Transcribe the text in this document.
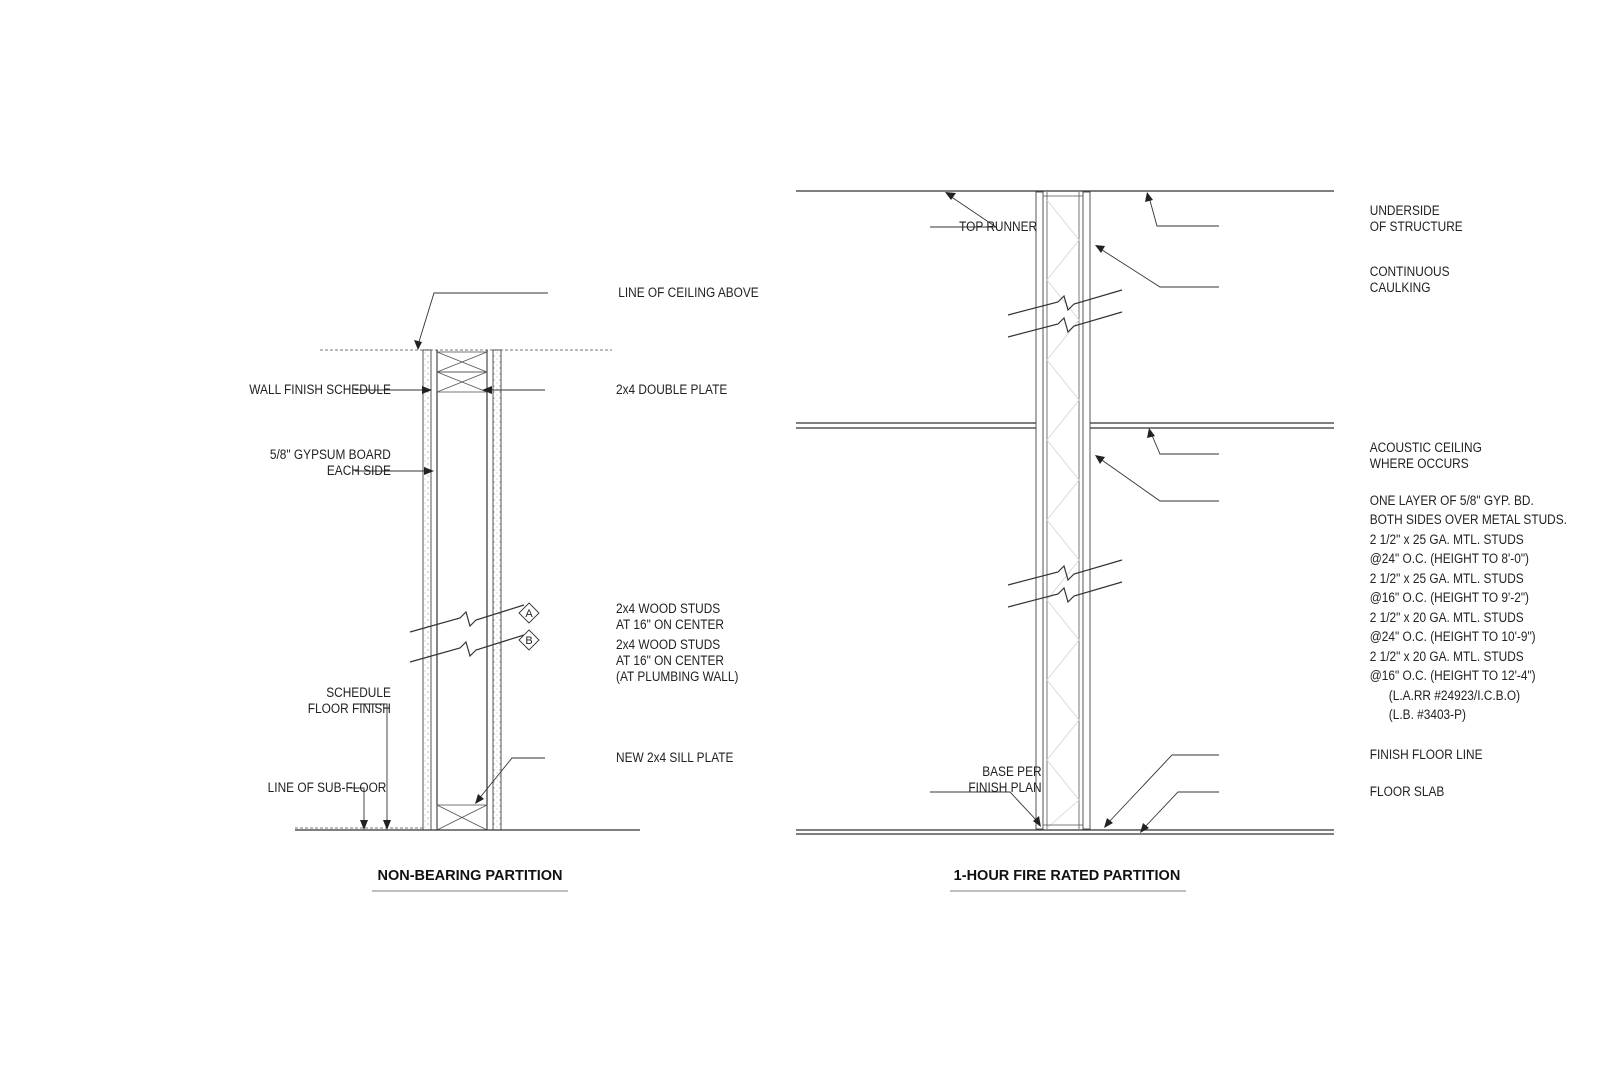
A
B
LINE OF CEILING ABOVE
WALL FINISH SCHEDULE	2x4 DOUBLE PLATE
5/8" GYPSUM BOARD
EACH SIDE
2x4 WOOD STUDS
AT 16" ON CENTER
2x4 WOOD STUDS
AT 16" ON CENTER
(AT PLUMBING WALL)
SCHEDULE
FLOOR FINISH
NEW 2x4 SILL PLATE
LINE OF SUB-FLOOR
NON-BEARING PARTITION
TOP RUNNER
UNDERSIDE
OF STRUCTURE
CONTINUOUS
CAULKING
ACOUSTIC CEILING
WHERE OCCURS
ONE LAYER OF 5/8" GYP. BD.
BOTH SIDES OVER METAL STUDS.
2 1/2" x 25 GA. MTL. STUDS
@24" O.C. (HEIGHT TO 8'-0")
2 1/2" x 25 GA. MTL. STUDS
@16" O.C. (HEIGHT TO 9'-2")
2 1/2" x 20 GA. MTL. STUDS
@24" O.C. (HEIGHT TO 10'-9")
2 1/2" x 20 GA. MTL. STUDS
@16" O.C. (HEIGHT TO 12'-4")
(L.A.RR #24923/I.C.B.O)
(L.B. #3403-P)
BASE PER
FINISH PLAN
FINISH FLOOR LINE
FLOOR SLAB
1-HOUR FIRE RATED PARTITION
